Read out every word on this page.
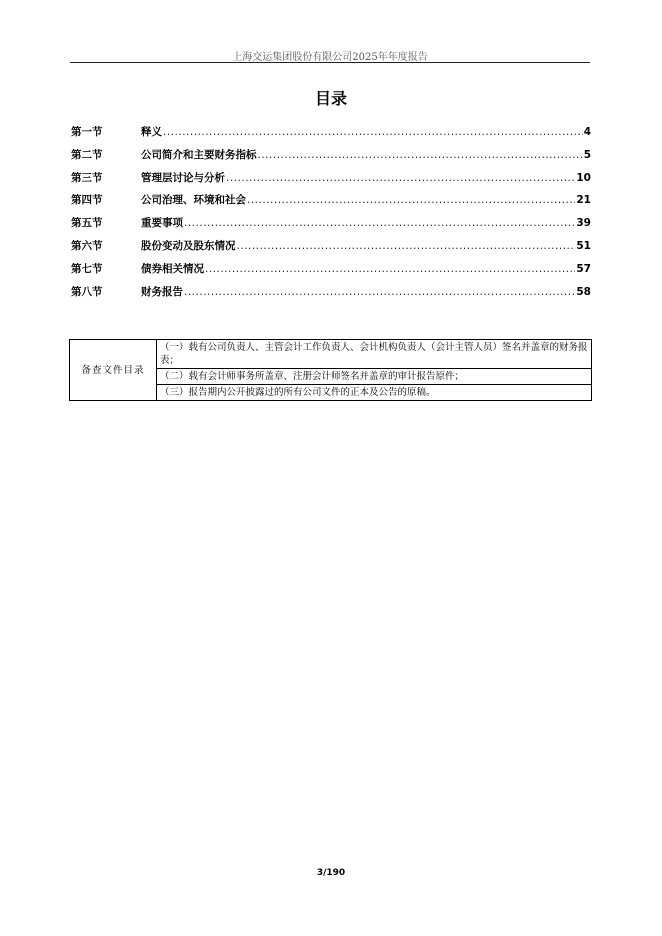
上海交运集团股份有限公司2025年年度报告
目录
第一节	释义 .....	4
第二节	公司简介和主要财务指标 .....	5
第三节	管理层讨论与分析 .....	10
第四节	公司治理、环境和社会 .....	21
第五节	重要事项 .....	39
第六节	股份变动及股东情况 .....	51
第七节	债券相关情况 .....	57
第八节	财务报告 .....	58
备查文件目录	（一）载有公司负责人、主管会计工作负责人、会计机构负责人（会计主管人员）签名并盖章的财务报表；
（二）载有会计师事务所盖章、注册会计师签名并盖章的审计报告原件；
（三）报告期内公开披露过的所有公司文件的正本及公告的原稿。
3/190
